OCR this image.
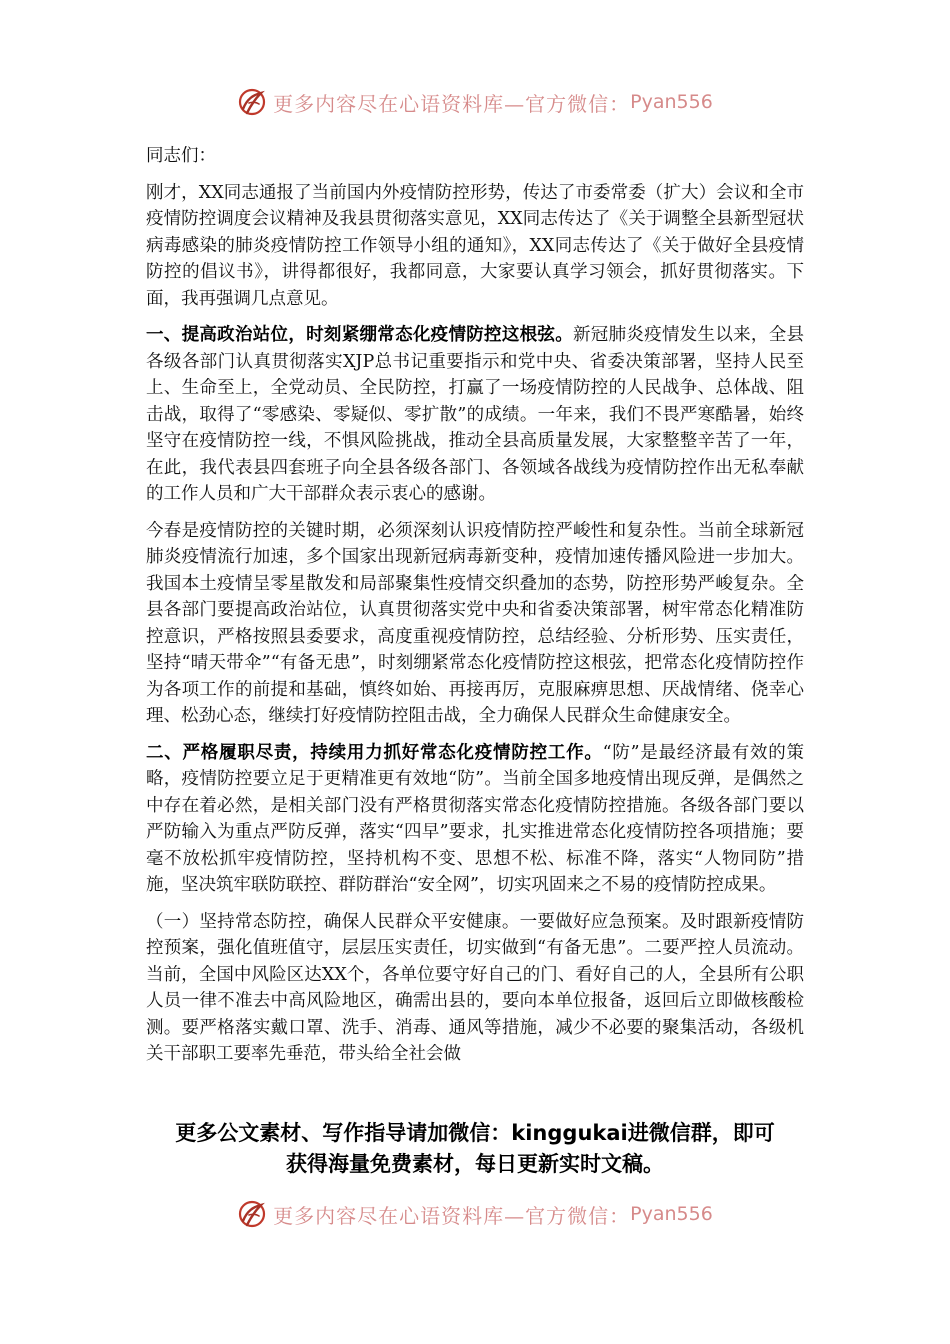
更多内容尽在心语资料库—官方微信： Pyan556

同志们：

刚才，XX同志通报了当前国内外疫情防控形势，传达了市委常委（扩大）会议和全市疫情防控调度会议精神及我县贯彻落实意见，XX同志传达了《关于调整全县新型冠状病毒感染的肺炎疫情防控工作领导小组的通知》，XX同志传达了《关于做好全县疫情防控的倡议书》，讲得都很好，我都同意，大家要认真学习领会，抓好贯彻落实。下面，我再强调几点意见。

一、提高政治站位，时刻紧绷常态化疫情防控这根弦。新冠肺炎疫情发生以来，全县各级各部门认真贯彻落实XJP总书记重要指示和党中央、省委决策部署，坚持人民至上、生命至上，全党动员、全民防控，打赢了一场疫情防控的人民战争、总体战、阻击战，取得了“零感染、零疑似、零扩散”的成绩。一年来，我们不畏严寒酷暑，始终坚守在疫情防控一线，不惧风险挑战，推动全县高质量发展，大家整整辛苦了一年，在此，我代表县四套班子向全县各级各部门、各领域各战线为疫情防控作出无私奉献的工作人员和广大干部群众表示衷心的感谢。

今春是疫情防控的关键时期，必须深刻认识疫情防控严峻性和复杂性。当前全球新冠肺炎疫情流行加速，多个国家出现新冠病毒新变种，疫情加速传播风险进一步加大。我国本土疫情呈零星散发和局部聚集性疫情交织叠加的态势，防控形势严峻复杂。全县各部门要提高政治站位，认真贯彻落实党中央和省委决策部署，树牢常态化精准防控意识，严格按照县委要求，高度重视疫情防控，总结经验、分析形势、压实责任，坚持“晴天带伞”“有备无患”，时刻绷紧常态化疫情防控这根弦，把常态化疫情防控作为各项工作的前提和基础，慎终如始、再接再厉，克服麻痹思想、厌战情绪、侥幸心理、松劲心态，继续打好疫情防控阻击战，全力确保人民群众生命健康安全。

二、严格履职尽责，持续用力抓好常态化疫情防控工作。“防”是最经济最有效的策略，疫情防控要立足于更精准更有效地“防”。当前全国多地疫情出现反弹，是偶然之中存在着必然，是相关部门没有严格贯彻落实常态化疫情防控措施。各级各部门要以严防输入为重点严防反弹，落实“四早”要求，扎实推进常态化疫情防控各项措施；要毫不放松抓牢疫情防控，坚持机构不变、思想不松、标准不降，落实“人物同防”措施，坚决筑牢联防联控、群防群治“安全网”，切实巩固来之不易的疫情防控成果。

（一）坚持常态防控，确保人民群众平安健康。一要做好应急预案。及时跟新疫情防控预案，强化值班值守，层层压实责任，切实做到“有备无患”。二要严控人员流动。当前，全国中风险区达XX个，各单位要守好自己的门、看好自己的人，全县所有公职人员一律不准去中高风险地区，确需出县的，要向本单位报备，返回后立即做核酸检测。要严格落实戴口罩、洗手、消毒、通风等措施，减少不必要的聚集活动，各级机关干部职工要率先垂范，带头给全社会做

更多公文素材、写作指导请加微信：kinggukai进微信群，即可
获得海量免费素材，每日更新实时文稿。
更多内容尽在心语资料库—官方微信： Pyan556
